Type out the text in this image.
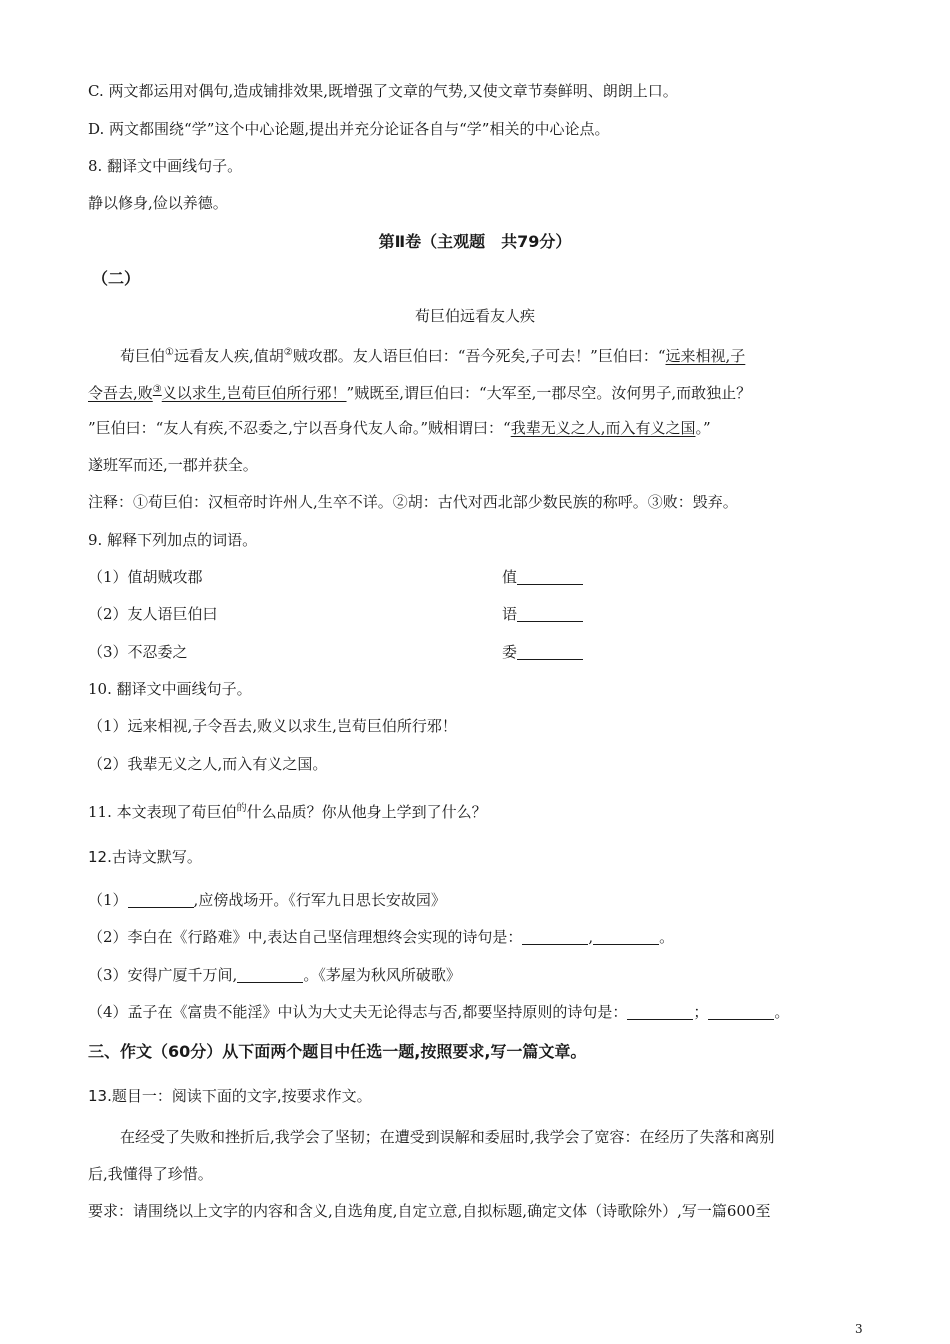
C. 两文都运用对偶句,造成铺排效果,既增强了文章的气势,又使文章节奏鲜明、朗朗上口。
D. 两文都围绕“学”这个中心论题,提出并充分论证各自与“学”相关的中心论点。
8. 翻译文中画线句子。
静以修身,俭以养德。
第Ⅱ卷（主观题　共79分）
（二）
荀巨伯远看友人疾
荀巨伯①远看友人疾,值胡②贼攻郡。友人语巨伯曰：“吾今死矣,子可去！”巨伯曰：“远来相视,子
令吾去,败③义以求生,岂荀巨伯所行邪！”贼既至,谓巨伯曰：“大军至,一郡尽空。汝何男子,而敢独止？
”巨伯曰：“友人有疾,不忍委之,宁以吾身代友人命。”贼相谓曰：“我辈无义之人,而入有义之国。”
遂班军而还,一郡并获全。
注释：①荀巨伯：汉桓帝时许州人,生卒不详。②胡：古代对西北部少数民族的称呼。③败：毁弃。
9. 解释下列加点的词语。
（1）值胡贼攻郡	值
（2）友人语巨伯曰	语
（3）不忍委之	委
10. 翻译文中画线句子。
（1）远来相视,子令吾去,败义以求生,岂荀巨伯所行邪！
（2）我辈无义之人,而入有义之国。
11. 本文表现了荀巨伯$^的$什么品质？你从他身上学到了什么？
12.古诗文默写。
（1）	,应傍战场开。《行军九日思长安故园》
（2）李白在《行路难》中,表达自己坚信理想终会实现的诗句是：	,	。
（3）安得广厦千万间,	。《茅屋为秋风所破歌》
（4）孟子在《富贵不能淫》中认为大丈夫无论得志与否,都要坚持原则的诗句是：	；	。
三、作文（60分）从下面两个题目中任选一题,按照要求,写一篇文章。
13.题目一：阅读下面的文字,按要求作文。
在经受了失败和挫折后,我学会了坚韧；在遭受到误解和委屈时,我学会了宽容：在经历了失落和离别
后,我懂得了珍惜。
要求：请围绕以上文字的内容和含义,自选角度,自定立意,自拟标题,确定文体（诗歌除外）,写一篇600至
3
